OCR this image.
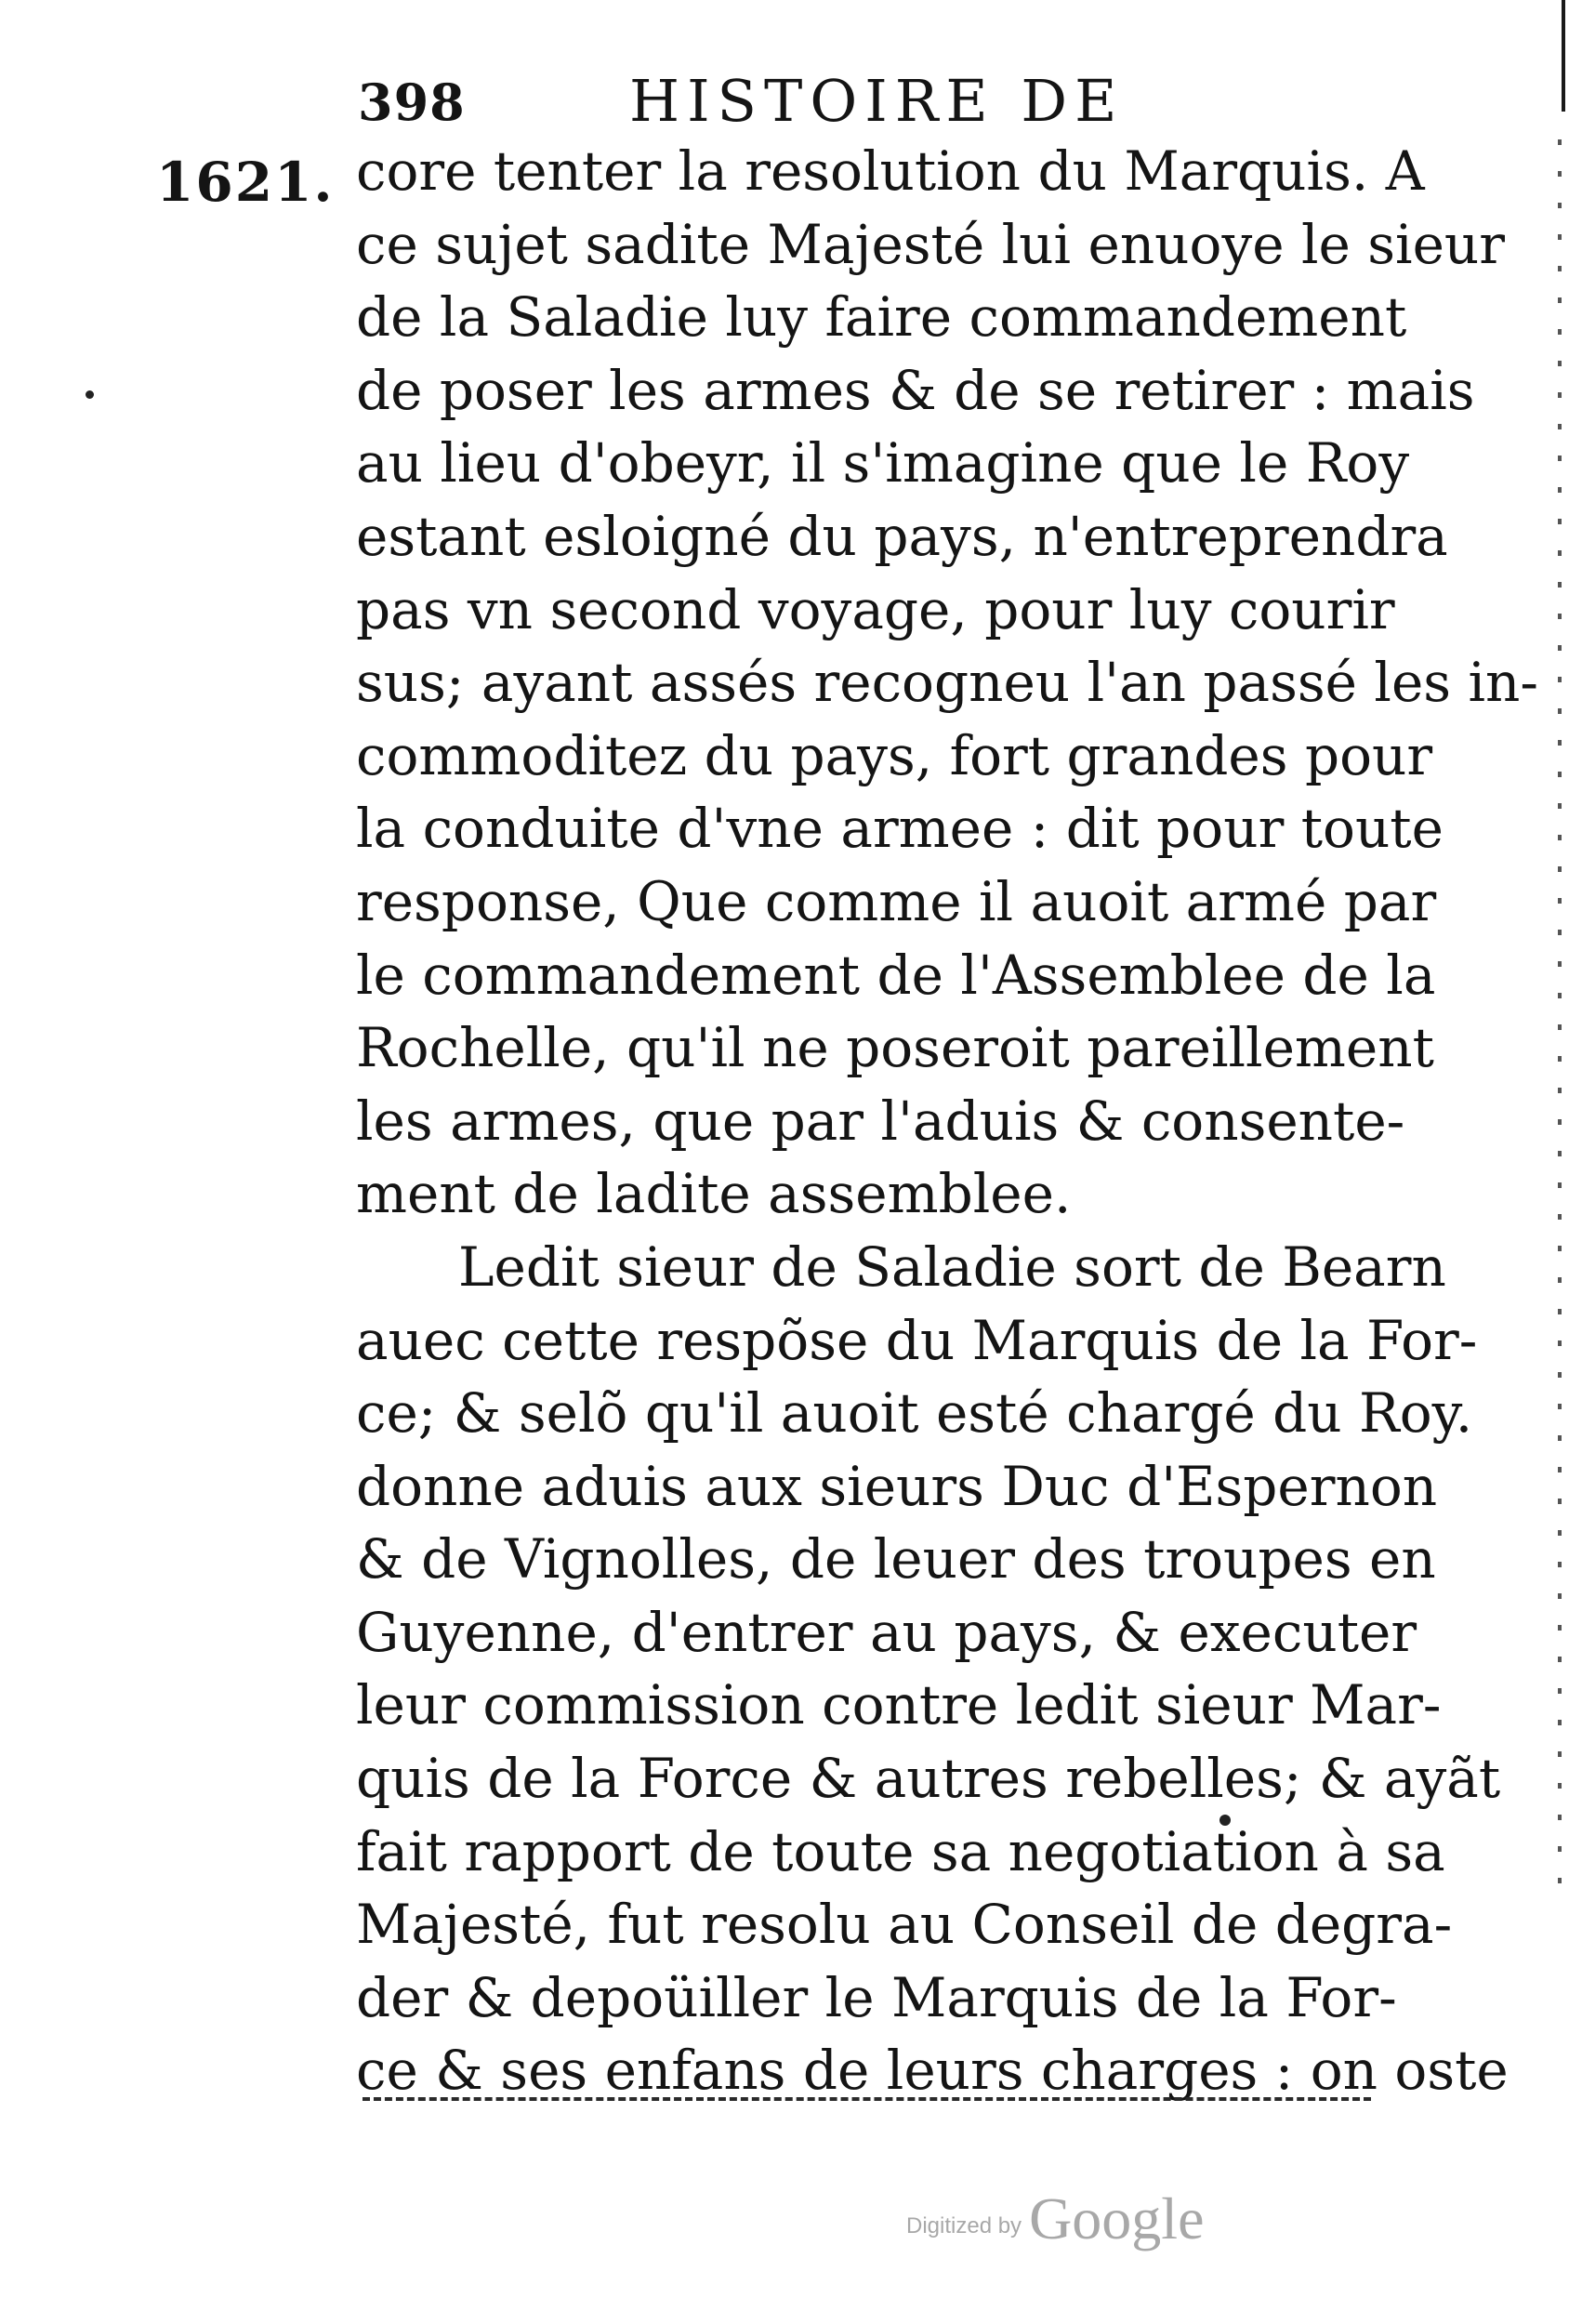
398	HISTOIRE DE
1621. core tenter la resolution du Marquis. A
ce sujet sadite Majesté lui enuoye le sieur
de la Saladie luy faire commandement
de poser les armes & de se retirer : mais
au lieu d'obeyr, il s'imagine que le Roy
estant esloigné du pays, n'entreprendra
pas vn second voyage, pour luy courir
sus; ayant assés recogneu l'an passé les in-
commoditez du pays, fort grandes pour
la conduite d'vne armee : dit pour toute
response, Que comme il auoit armé par
le commandement de l'Assemblee de la
Rochelle, qu'il ne poseroit pareillement
les armes, que par l'aduis & consente-
ment de ladite assemblee.
Ledit sieur de Saladie sort de Bearn
auec cette respõse du Marquis de la For-
ce; & selõ qu'il auoit esté chargé du Roy.
donne aduis aux sieurs Duc d'Espernon
& de Vignolles, de leuer des troupes en
Guyenne, d'entrer au pays, & executer
leur commission contre ledit sieur Mar-
quis de la Force & autres rebelles; & ayãt
fait rapport de toute sa negotiation à sa
Majesté, fut resolu au Conseil de degra-
der & depoüiller le Marquis de la For-
ce & ses enfans de leurs charges : on oste
Digitized by Google
